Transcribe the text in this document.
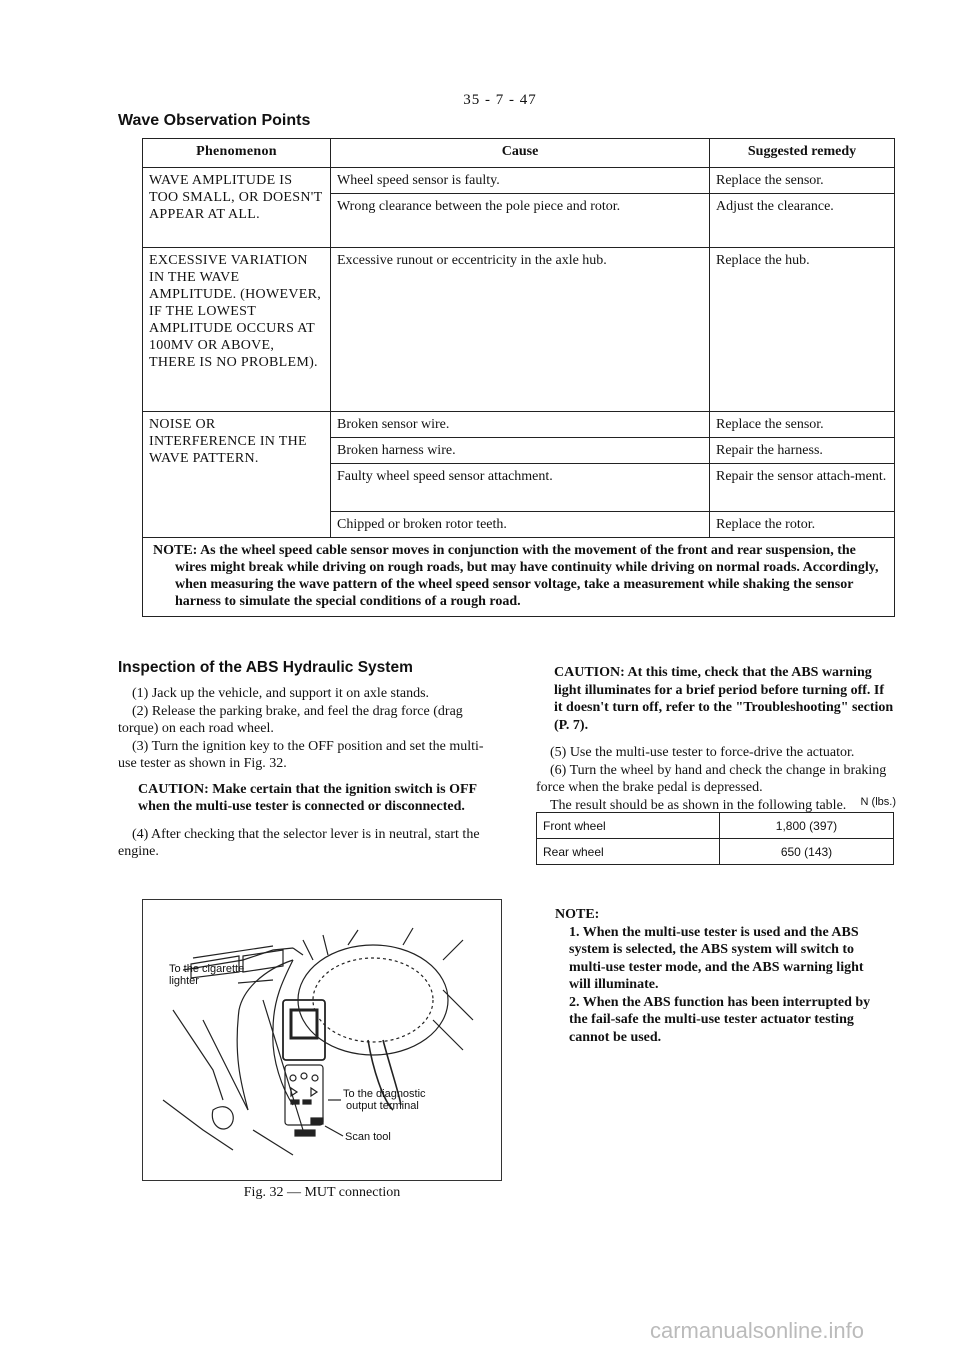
35 - 7 - 47
Wave Observation Points
Phenomenon	Cause	Suggested remedy
WAVE AMPLITUDE IS TOO SMALL, OR DOESN'T APPEAR AT ALL.	Wheel speed sensor is faulty.	Replace the sensor.
	Wrong clearance between the pole piece and rotor.	Adjust the clearance.
EXCESSIVE VARIATION IN THE WAVE AMPLITUDE. (HOWEVER, IF THE LOWEST AMPLITUDE OCCURS AT 100MV OR ABOVE, THERE IS NO PROBLEM).	Excessive runout or eccentricity in the axle hub.	Replace the hub.
NOISE OR INTERFERENCE IN THE WAVE PATTERN.	Broken sensor wire.	Replace the sensor.
	Broken harness wire.	Repair the harness.
	Faulty wheel speed sensor attachment.	Repair the sensor attach-ment.
	Chipped or broken rotor teeth.	Replace the rotor.

NOTE: As the wheel speed cable sensor moves in conjunction with the movement of the front and rear suspension, the wires might break while driving on rough roads, but may have continuity while driving on normal roads. Accordingly, when measuring the wave pattern of the wheel speed sensor voltage, take a measurement while shaking the sensor harness to simulate the special conditions of a rough road.		
Inspection of the ABS Hydraulic System

(1) Jack up the vehicle, and support it on axle stands.

(2) Release the parking brake, and feel the drag force (drag torque) on each road wheel.

(3) Turn the ignition key to the OFF position and set the multi-use tester as shown in Fig. 32.

CAUTION: Make certain that the ignition switch is OFF when the multi-use tester is connected or disconnected.

(4) After checking that the selector lever is in neutral, start the engine.

To the cigarette lighter
To the diagnostic output terminal
Scan tool
Fig. 32 — MUT connection

CAUTION: At this time, check that the ABS warning light illuminates for a brief period before turning off. If it doesn't turn off, refer to the "Troubleshooting" section (P. 7).

(5) Use the multi-use tester to force-drive the actuator.

(6) Turn the wheel by hand and check the change in braking force when the brake pedal is depressed.

The result should be as shown in the following table.	N (lbs.)
Front wheel	1,800 (397)
Rear wheel	650 (143)

NOTE:

1. When the multi-use tester is used and the ABS system is selected, the ABS system will switch to multi-use tester mode, and the ABS warning light will illuminate.

2. When the ABS function has been interrupted by the fail-safe the multi-use tester actuator testing cannot be used.

carmanualsonline.info
